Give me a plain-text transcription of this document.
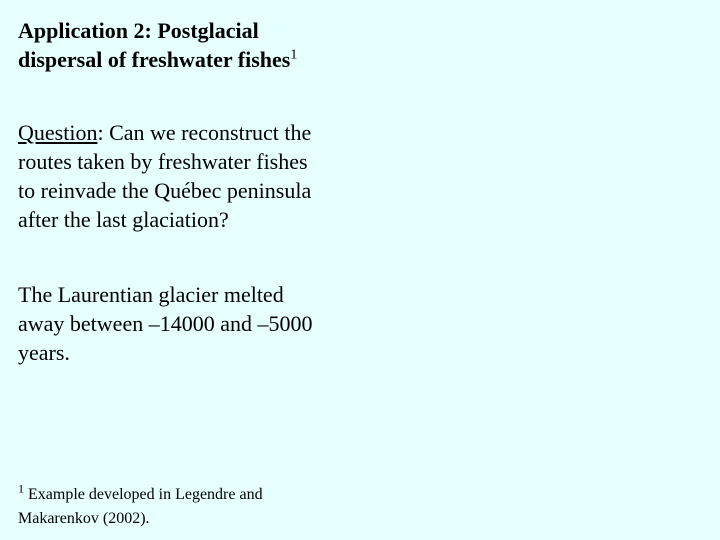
Application 2: Postglacial dispersal of freshwater fishes$^1$
Question: Can we reconstruct the routes taken by freshwater fishes to reinvade the Québec peninsula after the last glaciation?
The Laurentian glacier melted away between –14000 and –5000 years.
$^1$ Example developed in Legendre and Makarenkov (2002).
